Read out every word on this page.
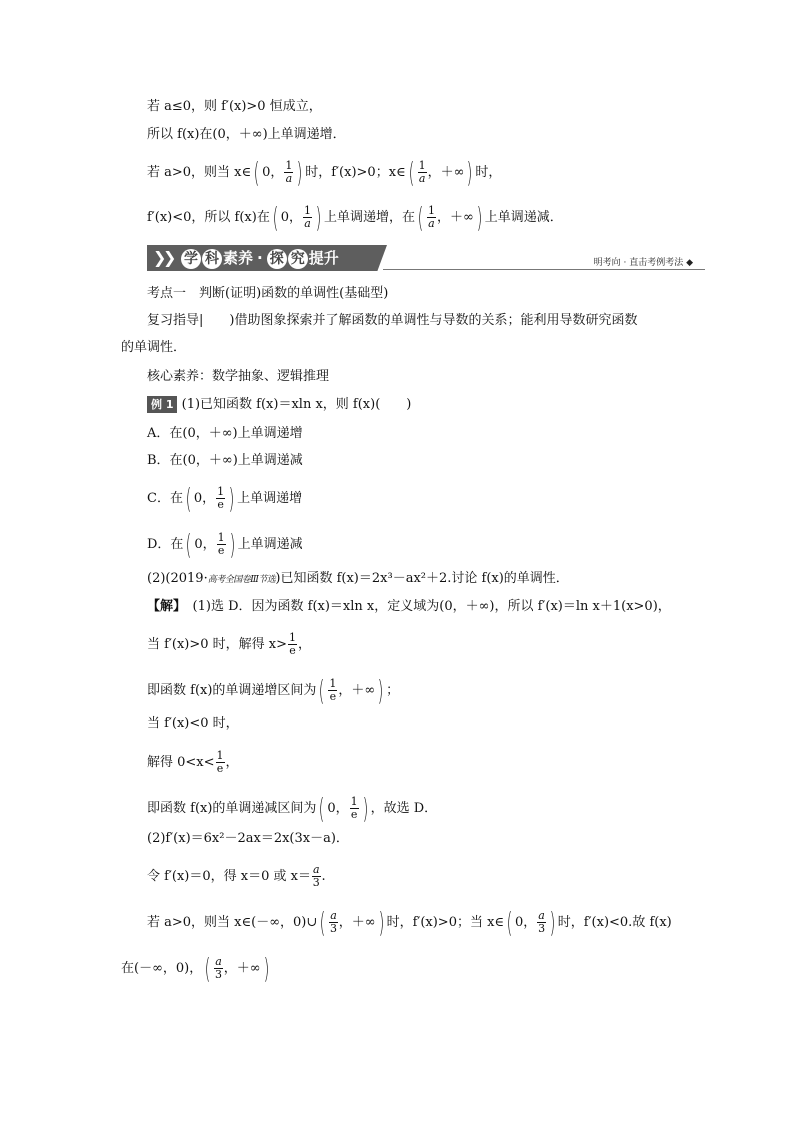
若 a≤0，则 f′(x)>0 恒成立，
所以 f(x)在(0，＋∞)上单调递增．
若 a>0，则当 x∈( 0， $\frac{1}{a}$ ) 时，f′(x)>0；x∈( $\frac{1}{a}$ ，＋∞) 时，
f′(x)<0，所以 f(x)在( 0， $\frac{1}{a}$ ) 上单调递增，在( $\frac{1}{a}$ ，＋∞) 上单调递减．
❯
❯ 学 科 素养 · 探 究 提升	明考向 · 直击考例考法 ◆
考点一　判断(证明)函数的单调性(基础型)
复习指导|　　)借助图象探索并了解函数的单调性与导数的关系；能利用导数研究函数
的单调性．
核心素养：数学抽象、逻辑推理
例 1 (1)已知函数 f(x)＝xln x，则 f(x)(　　)
A．在(0，＋∞)上单调递增
B．在(0，＋∞)上单调递减
C．在( 0， $\frac{1}{e}$ ) 上单调递增
D．在( 0， $\frac{1}{e}$ ) 上单调递减
(2)(2019·高考全国卷Ⅲ节选)已知函数 f(x)＝2x³－ax²＋2.讨论 f(x)的单调性．
【解】　 (1)选 D．因为函数 f(x)＝xln x，定义域为(0，＋∞)，所以 f′(x)＝ln x＋1(x>0)，
当 f′(x)>0 时，解得 $x> \frac{1}{e}$ ，
即函数 f(x)的单调递增区间为( $\frac{1}{e}$ ，＋∞) ；
当 f′(x)<0 时，
解得 $0<x< \frac{1}{e}$ ，
即函数 f(x)的单调递减区间为( 0， $\frac{1}{e}$ ) ，故选 D．
(2)f′(x)＝6x²－2ax＝2x(3x－a)．
令 f′(x)＝0，得 x＝0 或 $x= \frac{a}{3}$ .
若 a>0，则当 x∈(－∞，0)∪( $\frac{a}{3}$ ，＋∞) 时，f′(x)>0；当 x∈( 0， $\frac{a}{3}$ ) 时，f′(x)<0.故 f(x)
在(－∞，0)，( $\frac{a}{3}$ ，＋∞)
